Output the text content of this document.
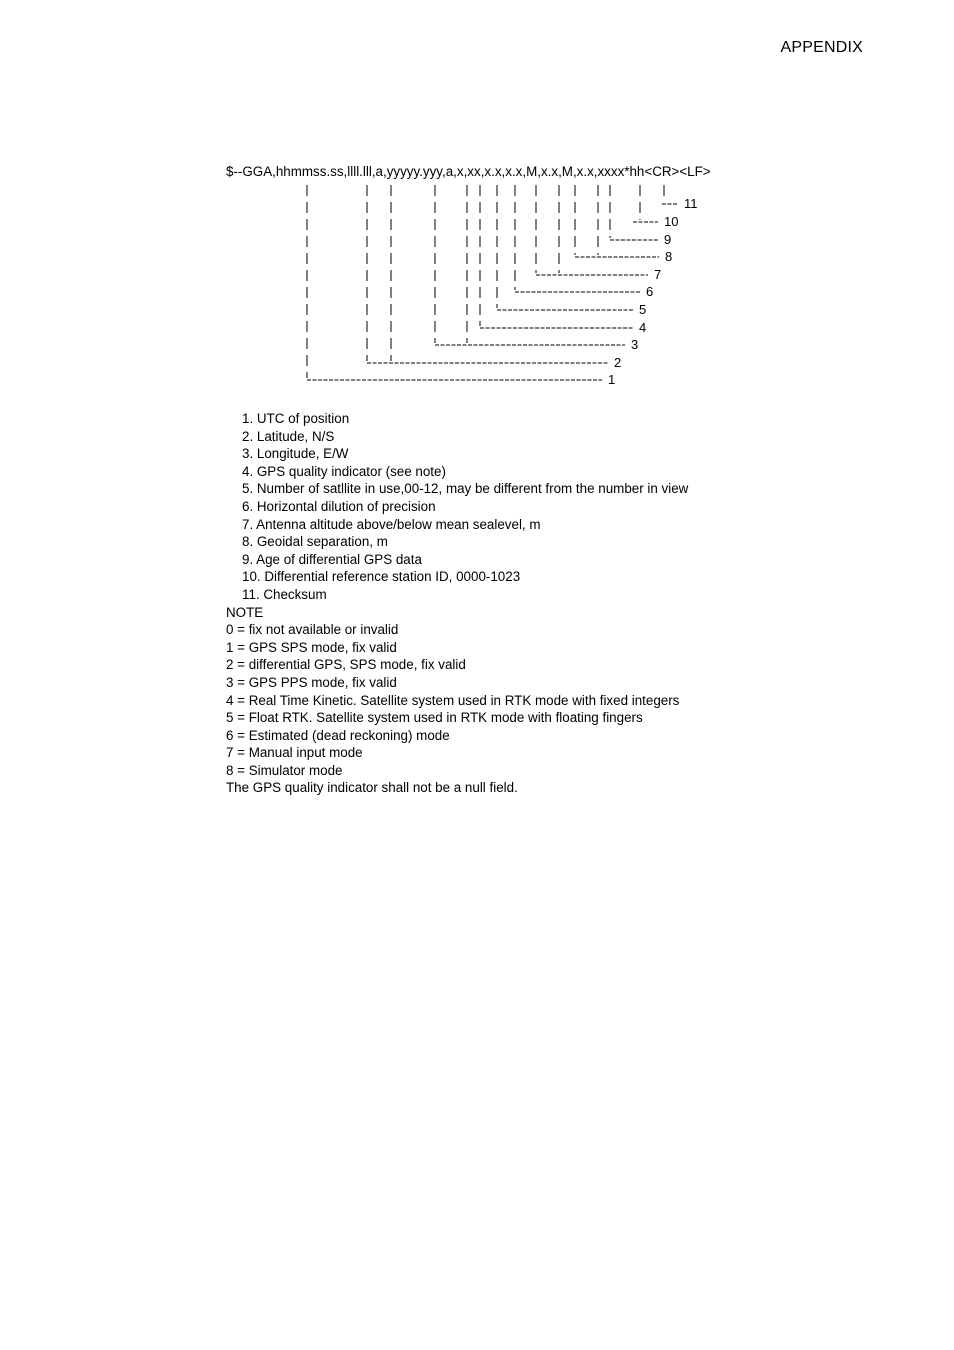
APPENDIX
$--GGA,hhmmss.ss,llll.lll,a,yyyyy.yyy,a,x,xx,x.x,x.x,M,x.x,M,x.x,xxxx*hh<CR><LF>
1
2
3
4
5
6
7
8
9
10
11
1. UTC of position
2. Latitude, N/S
3. Longitude, E/W
4. GPS quality indicator (see note)
5. Number of satllite in use,00-12, may be different from the number in view
6. Horizontal dilution of precision
7. Antenna altitude above/below mean sealevel, m
8. Geoidal separation, m
9. Age of differential GPS data
10. Differential reference station ID, 0000-1023
11. Checksum
NOTE
0 = fix not available or invalid
1 = GPS SPS mode, fix valid
2 = differential GPS, SPS mode, fix valid
3 = GPS PPS mode, fix valid
4 = Real Time Kinetic. Satellite system used in RTK mode with fixed integers
5 = Float RTK. Satellite system used in RTK mode with floating fingers
6 = Estimated (dead reckoning) mode
7 = Manual input mode
8 = Simulator mode
The GPS quality indicator shall not be a null field.
